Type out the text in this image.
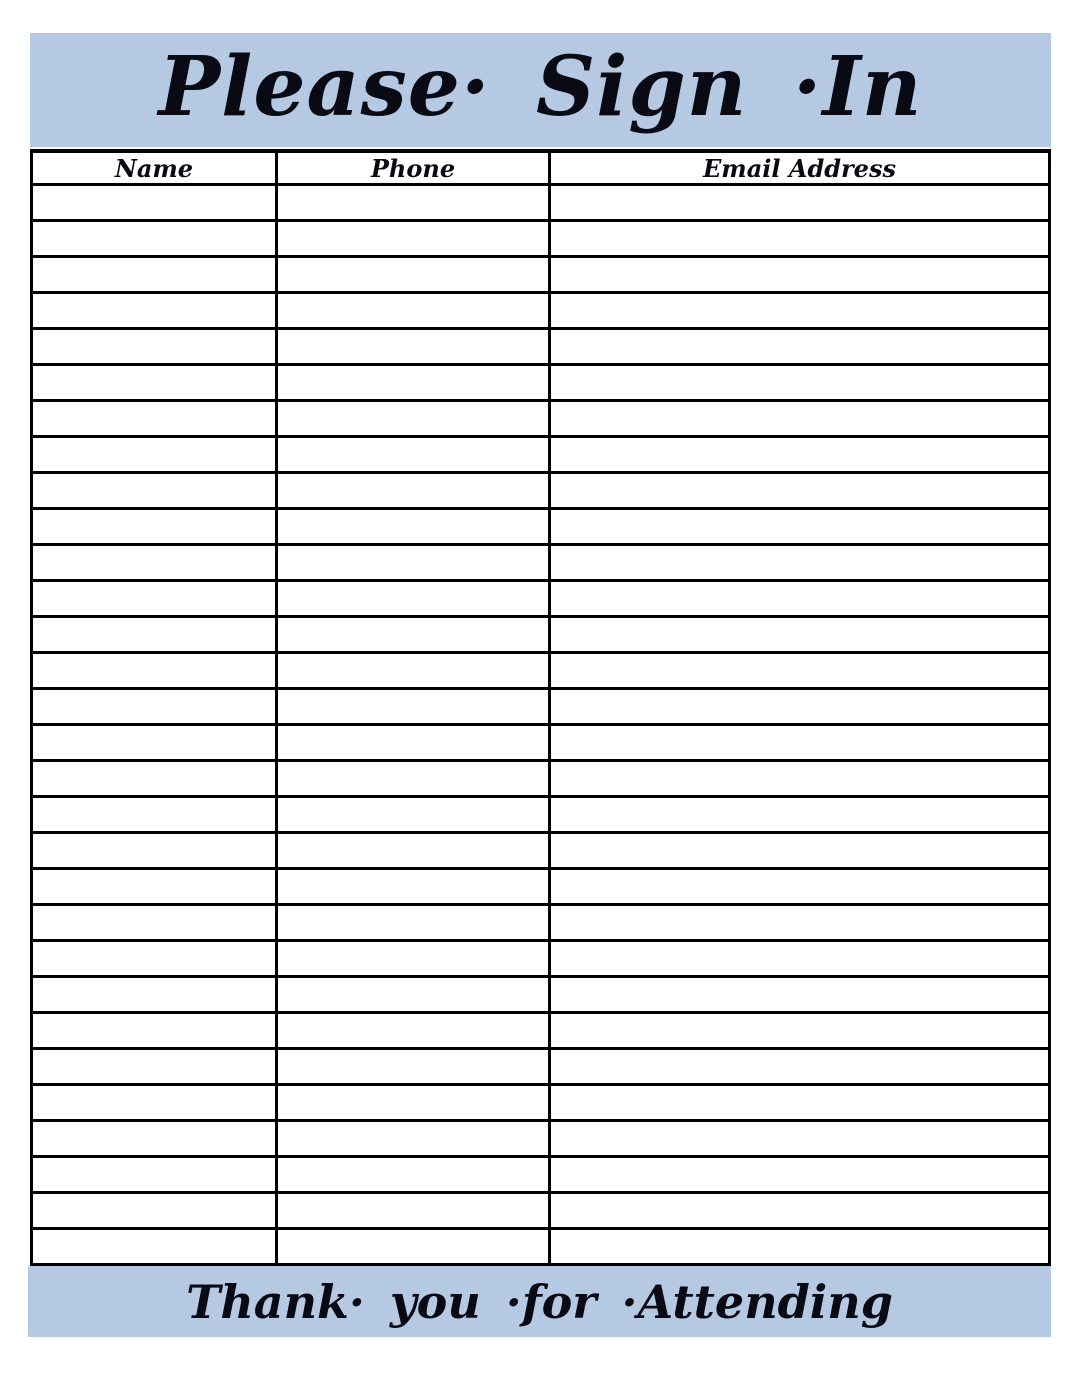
Please· Sign ·In
Name	Phone	Email Address

Thank· you ·for ·Attending
